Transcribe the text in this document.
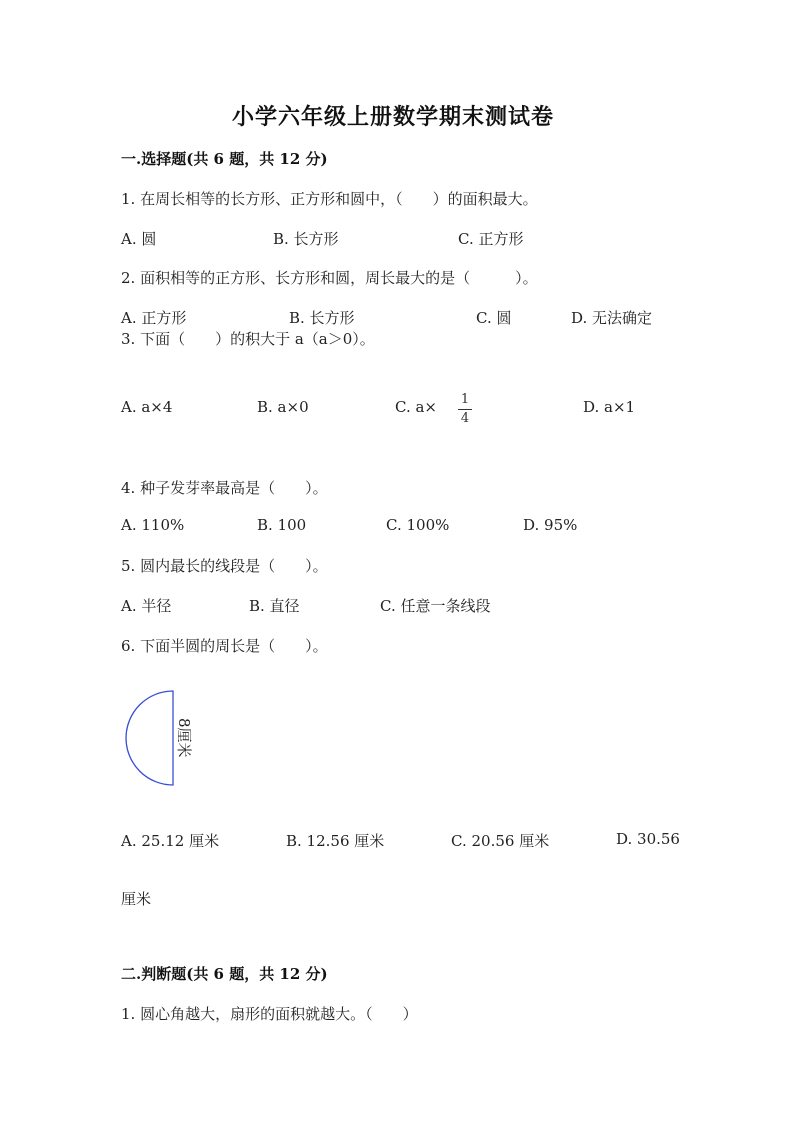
小学六年级上册数学期末测试卷
一.选择题(共 6 题，共 12 分)
1. 在周长相等的长方形、正方形和圆中，（　　）的面积最大。
A. 圆	B. 长方形	C. 正方形
2. 面积相等的正方形、长方形和圆，周长最大的是（　　　）。
A. 正方形	B. 长方形	C. 圆	D. 无法确定
3. 下面（　　）的积大于 a（a＞0）。
A. a×4	B. a×0	C. a× 1
4
D. a×1
4. 种子发芽率最高是（　　）。
A. 110%	B. 100	C. 100%	D. 95%
5. 圆内最长的线段是（　　）。
A. 半径	B. 直径	C. 任意一条线段
6. 下面半圆的周长是（　　）。
8厘米
A. 25.12 厘米	B. 12.56 厘米	C. 20.56 厘米	D. 30.56
厘米
二.判断题(共 6 题，共 12 分)
1. 圆心角越大，扇形的面积就越大。（　　）
